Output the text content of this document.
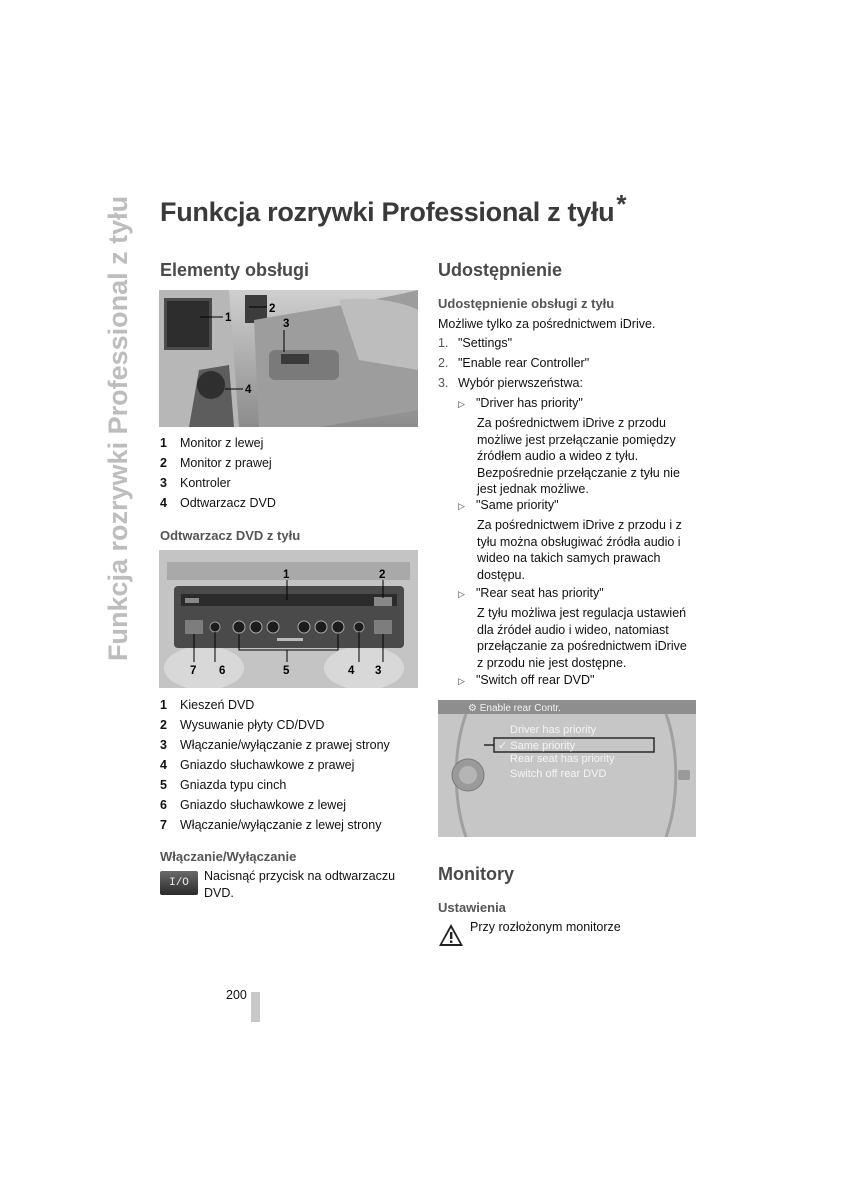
Funkcja rozrywki Professional z tyłu Funkcja rozrywki Professional z tyłu*
Elementy obsługi
1
2
3
4
1 Monitor z lewej
2 Monitor z prawej
3 Kontroler
4 Odtwarzacz DVD
Odtwarzacz DVD z tyłu
1	2
7 6	5	4 3
1 Kieszeń DVD
2 Wysuwanie płyty CD/DVD
3 Włączanie/wyłączanie z prawej strony
4 Gniazdo słuchawkowe z prawej
5 Gniazda typu cinch
6 Gniazdo słuchawkowe z lewej
7 Włączanie/wyłączanie z lewej strony
Włączanie/Wyłączanie
I/O	Nacisnąć przycisk na odtwarzaczu DVD.
Udostępnienie
Udostępnienie obsługi z tyłu
Możliwe tylko za pośrednictwem iDrive.
1. "Settings"
2. "Enable rear Controller"
3. Wybór pierwszeństwa:
▷ "Driver has priority"
Za pośrednictwem iDrive z przodu możliwe jest przełączanie pomiędzy źródłem audio a wideo z tyłu. Bezpośrednie przełączanie z tyłu nie jest jednak możliwe.
▷ "Same priority"
Za pośrednictwem iDrive z przodu i z tyłu można obsługiwać źródła audio i wideo na takich samych prawach dostępu.
▷ "Rear seat has priority"
Z tyłu możliwa jest regulacja ustawień dla źródeł audio i wideo, natomiast przełączanie za pośrednictwem iDrive z przodu nie jest dostępne.
▷ "Switch off rear DVD"
⚙ Enable rear Contr.
Driver has priority
✓ Same priority
Rear seat has priority
Switch off rear DVD
Monitory
Ustawienia
Przy rozłożonym monitorze
200
